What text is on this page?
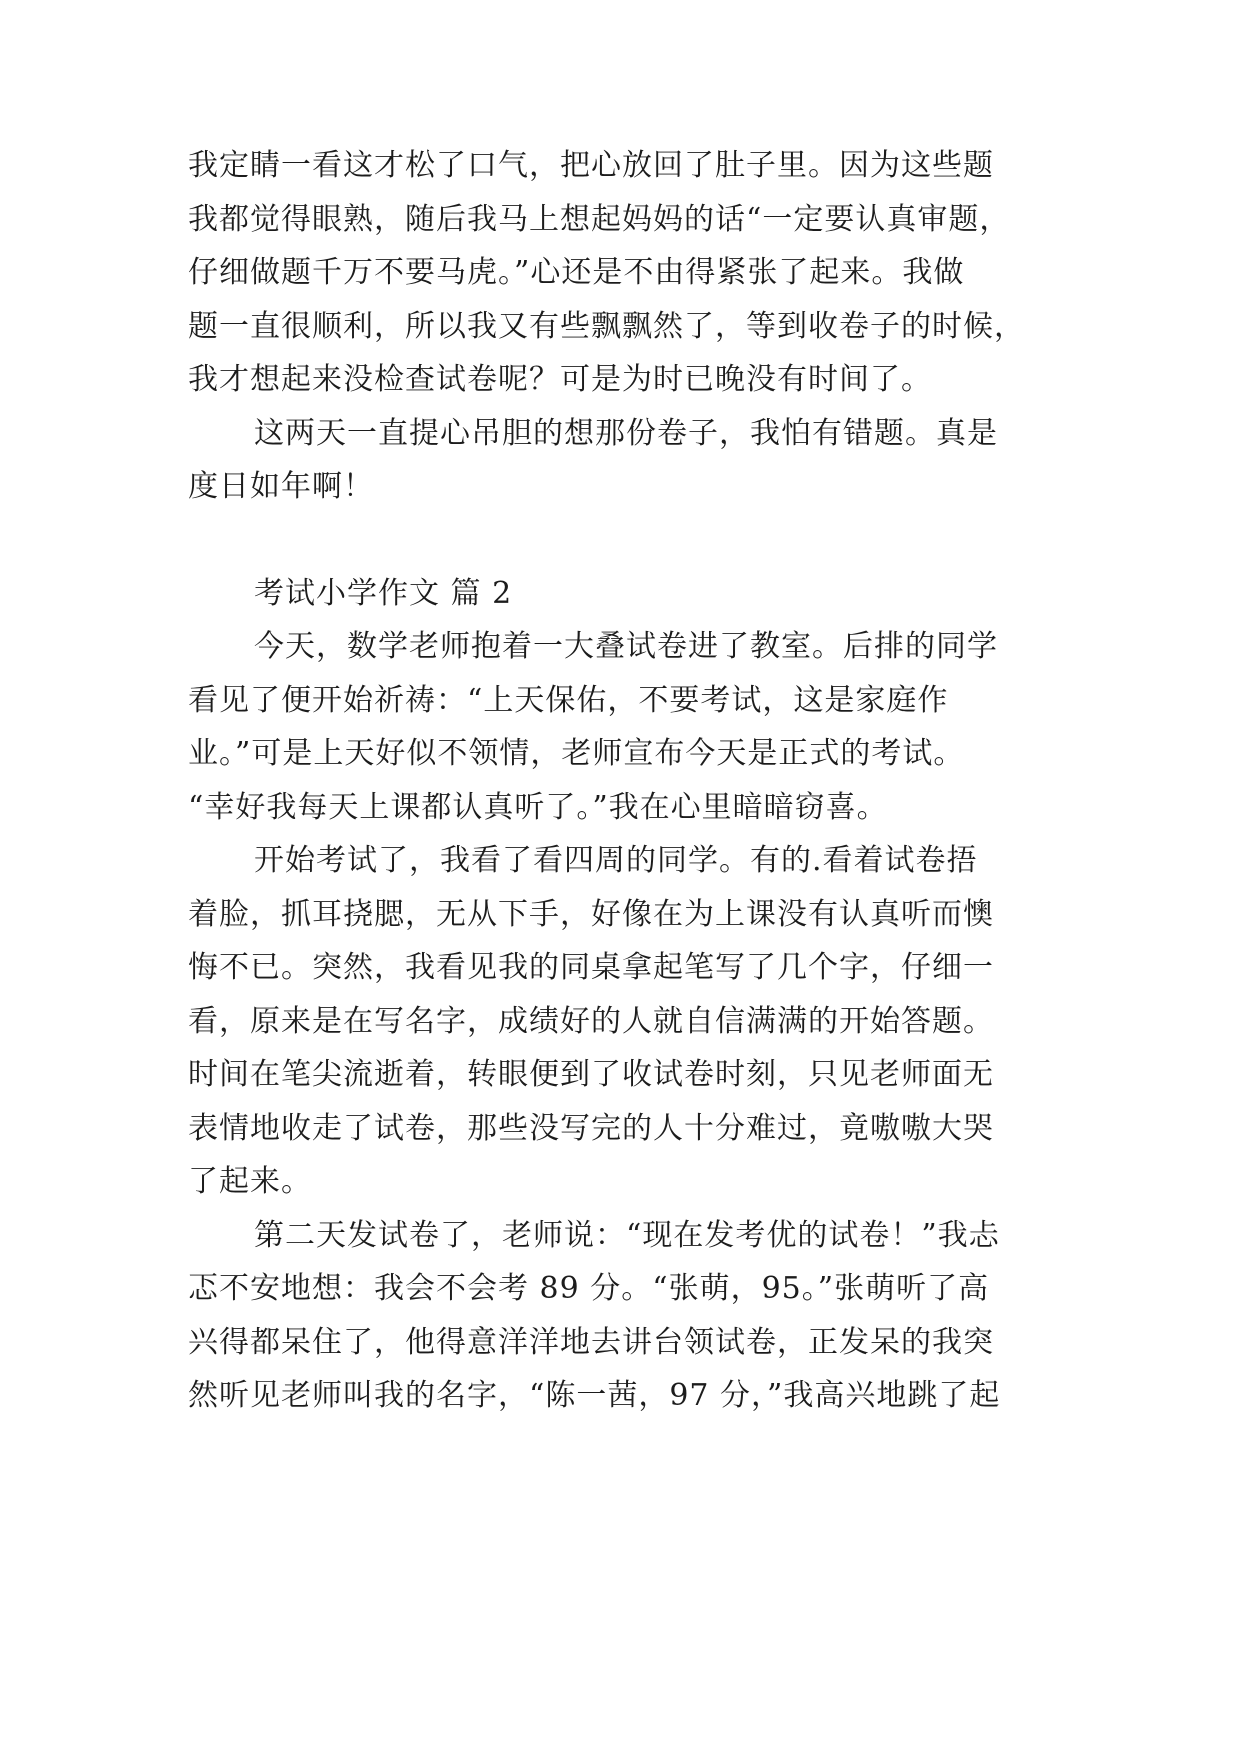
我定睛一看这才松了口气，把心放回了肚子里。因为这些题
我都觉得眼熟，随后我马上想起妈妈的话“一定要认真审题，
仔细做题千万不要马虎。”心还是不由得紧张了起来。我做
题一直很顺利，所以我又有些飘飘然了，等到收卷子的时候，
我才想起来没检查试卷呢？可是为时已晚没有时间了。
这两天一直提心吊胆的想那份卷子，我怕有错题。真是
度日如年啊！
考试小学作文 篇 2
今天，数学老师抱着一大叠试卷进了教室。后排的同学
看见了便开始祈祷：“上天保佑，不要考试，这是家庭作
业。”可是上天好似不领情，老师宣布今天是正式的考试。
“幸好我每天上课都认真听了。”我在心里暗暗窃喜。
开始考试了，我看了看四周的同学。有的.看着试卷捂
着脸，抓耳挠腮，无从下手，好像在为上课没有认真听而懊
悔不已。突然，我看见我的同桌拿起笔写了几个字，仔细一
看，原来是在写名字，成绩好的人就自信满满的开始答题。
时间在笔尖流逝着，转眼便到了收试卷时刻，只见老师面无
表情地收走了试卷，那些没写完的人十分难过，竟嗷嗷大哭
了起来。
第二天发试卷了，老师说：“现在发考优的试卷！”我忐
忑不安地想：我会不会考 89 分。“张萌，95。”张萌听了高
兴得都呆住了，他得意洋洋地去讲台领试卷，正发呆的我突
然听见老师叫我的名字，“陈一茜，97 分，”我高兴地跳了起
